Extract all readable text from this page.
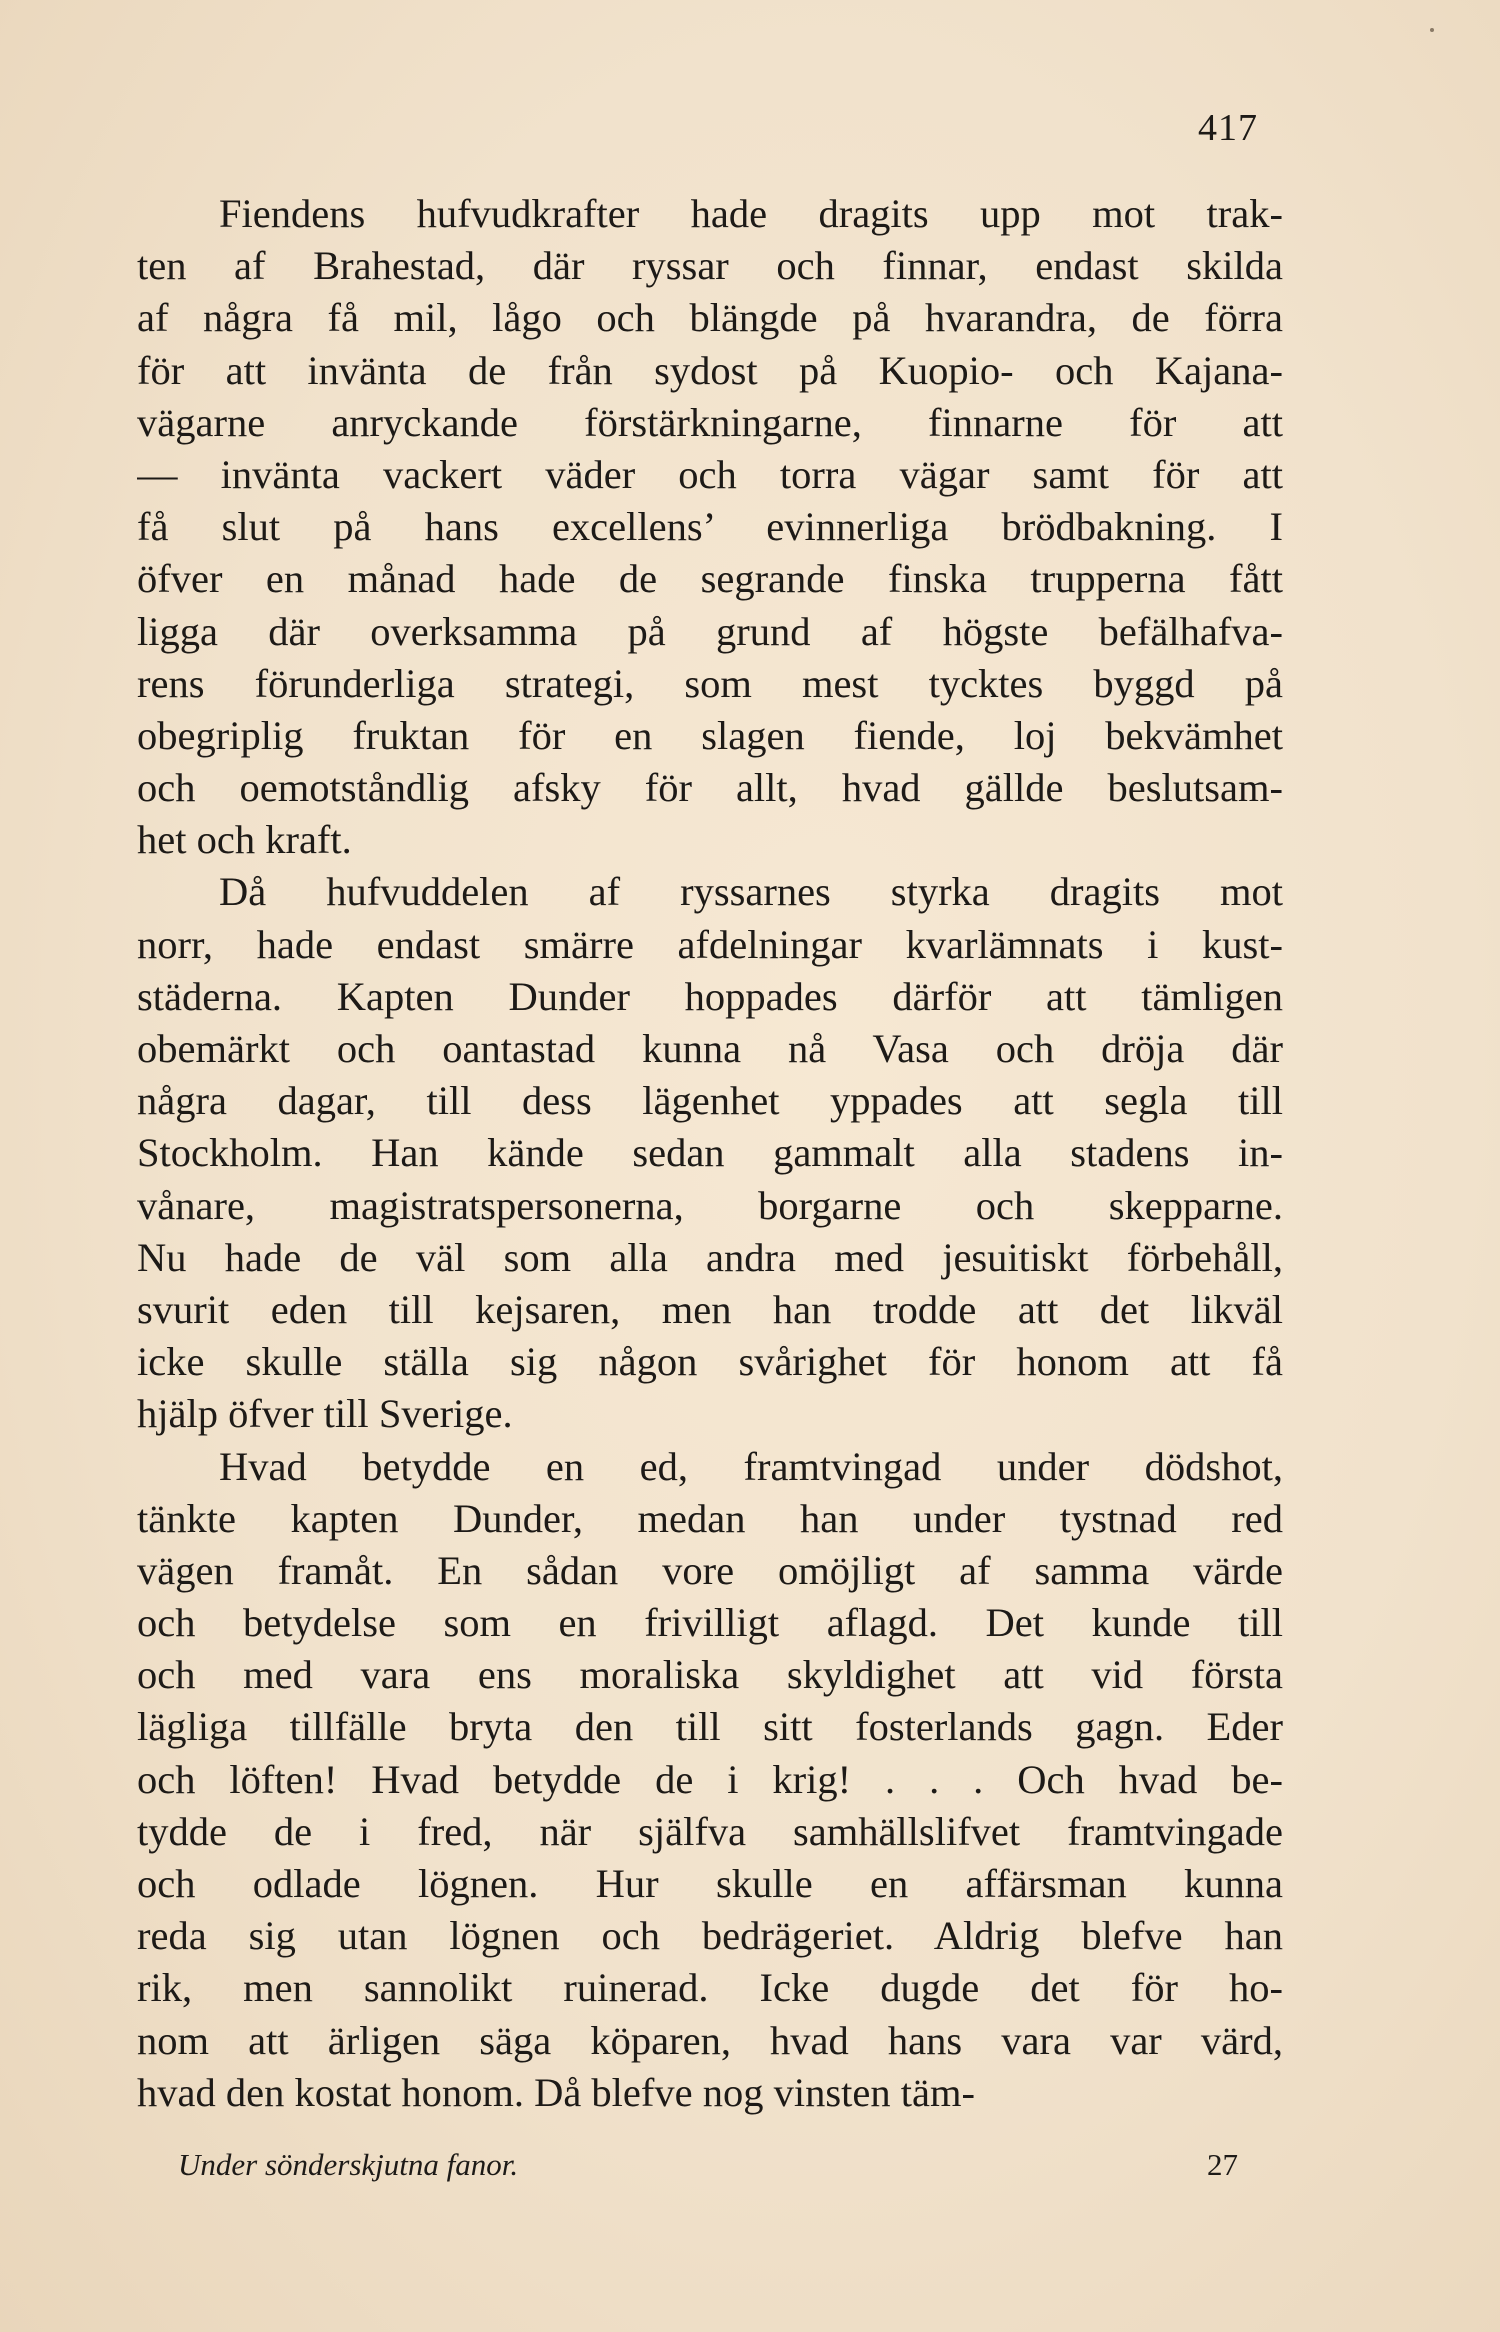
417
Fiendens hufvudkrafter hade dragits upp mot trak-
ten af Brahestad, där ryssar och finnar, endast skilda
af några få mil, lågo och blängde på hvarandra, de förra
för att invänta de från sydost på Kuopio- och Kajana-
vägarne anryckande förstärkningarne, finnarne för att
— invänta vackert väder och torra vägar samt för att
få slut på hans excellens’ evinnerliga brödbakning. I
öfver en månad hade de segrande finska trupperna fått
ligga där overksamma på grund af högste befälhafva-
rens förunderliga strategi, som mest tycktes byggd på
obegriplig fruktan för en slagen fiende, loj bekvämhet
och oemotståndlig afsky för allt, hvad gällde beslutsam-
het och kraft.
Då hufvuddelen af ryssarnes styrka dragits mot
norr, hade endast smärre afdelningar kvarlämnats i kust-
städerna. Kapten Dunder hoppades därför att tämligen
obemärkt och oantastad kunna nå Vasa och dröja där
några dagar, till dess lägenhet yppades att segla till
Stockholm. Han kände sedan gammalt alla stadens in-
vånare, magistratspersonerna, borgarne och skepparne.
Nu hade de väl som alla andra med jesuitiskt förbehåll,
svurit eden till kejsaren, men han trodde att det likväl
icke skulle ställa sig någon svårighet för honom att få
hjälp öfver till Sverige.
Hvad betydde en ed, framtvingad under dödshot,
tänkte kapten Dunder, medan han under tystnad red
vägen framåt. En sådan vore omöjligt af samma värde
och betydelse som en frivilligt aflagd. Det kunde till
och med vara ens moraliska skyldighet att vid första
lägliga tillfälle bryta den till sitt fosterlands gagn. Eder
och löften! Hvad betydde de i krig! . . . Och hvad be-
tydde de i fred, när själfva samhällslifvet framtvingade
och odlade lögnen. Hur skulle en affärsman kunna
reda sig utan lögnen och bedrägeriet. Aldrig blefve han
rik, men sannolikt ruinerad. Icke dugde det för ho-
nom att ärligen säga köparen, hvad hans vara var värd,
hvad den kostat honom. Då blefve nog vinsten täm-
Under sönderskjutna fanor.	27
